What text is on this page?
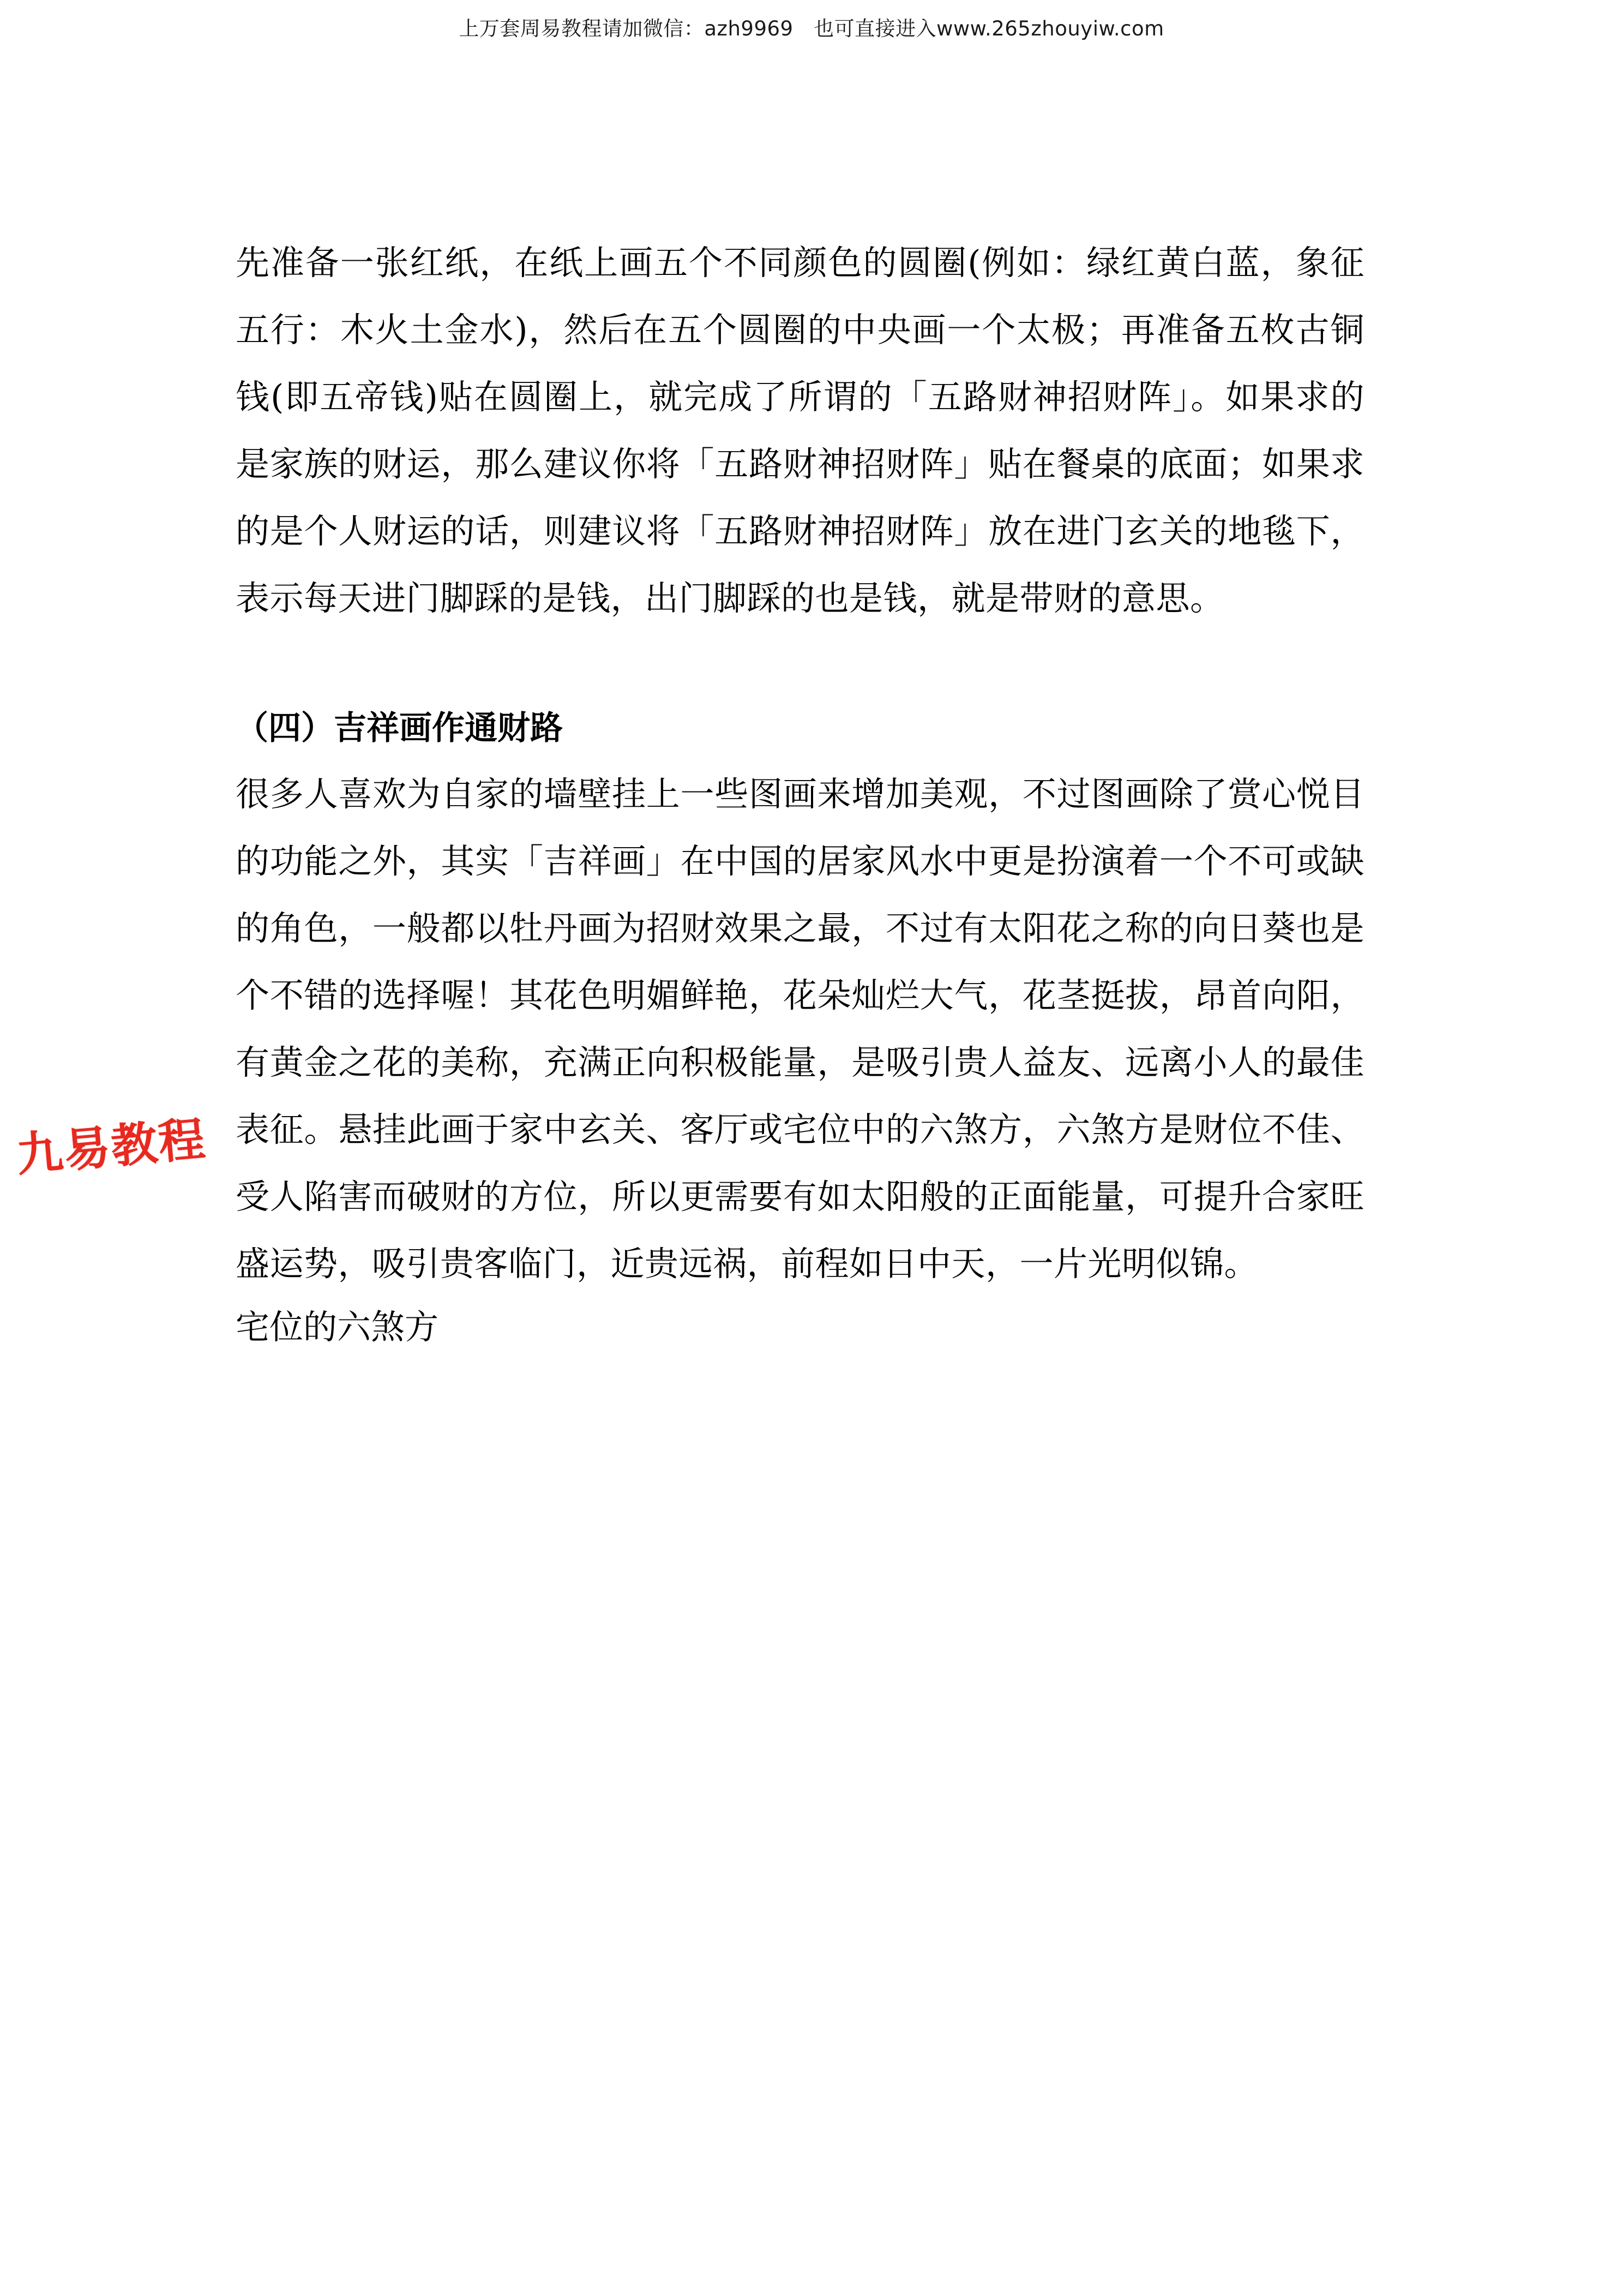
上万套周易教程请加微信：azh9969　也可直接进入www.265zhouyiw.com

先准备一张红纸，在纸上画五个不同颜色的圆圈(例如：绿红黄白蓝，象征五行：木火土金水)，然后在五个圆圈的中央画一个太极；再准备五枚古铜钱(即五帝钱)贴在圆圈上，就完成了所谓的「五路财神招财阵」。如果求的是家族的财运，那么建议你将「五路财神招财阵」贴在餐桌的底面；如果求的是个人财运的话，则建议将「五路财神招财阵」放在进门玄关的地毯下，表示每天进门脚踩的是钱，出门脚踩的也是钱，就是带财的意思。

（四）吉祥画作通财路

很多人喜欢为自家的墙壁挂上一些图画来增加美观，不过图画除了赏心悦目的功能之外，其实「吉祥画」在中国的居家风水中更是扮演着一个不可或缺的角色，一般都以牡丹画为招财效果之最，不过有太阳花之称的向日葵也是个不错的选择喔！其花色明媚鲜艳，花朵灿烂大气，花茎挺拔，昂首向阳，有黄金之花的美称，充满正向积极能量，是吸引贵人益友、远离小人的最佳表征。悬挂此画于家中玄关、客厅或宅位中的六煞方，六煞方是财位不佳、受人陷害而破财的方位，所以更需要有如太阳般的正面能量，可提升合家旺盛运势，吸引贵客临门，近贵远祸，前程如日中天，一片光明似锦。

宅位的六煞方

九易教程
